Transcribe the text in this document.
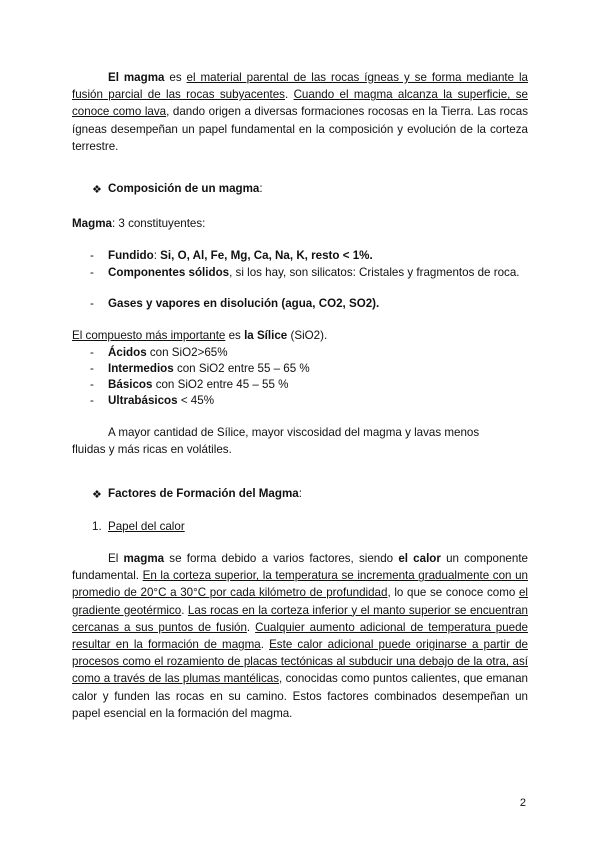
El magma es el material parental de las rocas ígneas y se forma mediante la fusión parcial de las rocas subyacentes. Cuando el magma alcanza la superficie, se conoce como lava, dando origen a diversas formaciones rocosas en la Tierra. Las rocas ígneas desempeñan un papel fundamental en la composición y evolución de la corteza terrestre.

❖ Composición de un magma:

Magma: 3 constituyentes:

- Fundido: Si, O, Al, Fe, Mg, Ca, Na, K, resto < 1%.
- Componentes sólidos, si los hay, son silicatos: Cristales y fragmentos de roca.
- Gases y vapores en disolución (agua, CO2, SO2).

El compuesto más importante es la Sílice (SiO2).

- Ácidos con SiO2>65%
- Intermedios con SiO2 entre 55 – 65 %
- Básicos con SiO2 entre 45 – 55 %
- Ultrabásicos < 45%

A mayor cantidad de Sílice, mayor viscosidad del magma y lavas menos fluidas y más ricas en volátiles.

❖ Factores de Formación del Magma:
1. Papel del calor

El magma se forma debido a varios factores, siendo el calor un componente fundamental. En la corteza superior, la temperatura se incrementa gradualmente con un promedio de 20°C a 30°C por cada kilómetro de profundidad, lo que se conoce como el gradiente geotérmico. Las rocas en la corteza inferior y el manto superior se encuentran cercanas a sus puntos de fusión. Cualquier aumento adicional de temperatura puede resultar en la formación de magma. Este calor adicional puede originarse a partir de procesos como el rozamiento de placas tectónicas al subducir una debajo de la otra, así como a través de las plumas mantélicas, conocidas como puntos calientes, que emanan calor y funden las rocas en su camino. Estos factores combinados desempeñan un papel esencial en la formación del magma.

2
